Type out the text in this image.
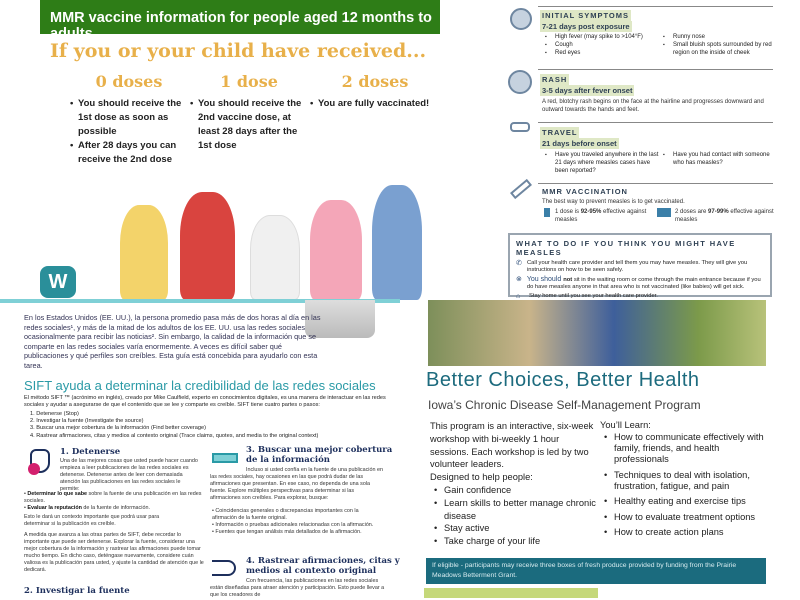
MMR vaccine information for people aged 12 months to adults.
If you or your child have received...
0 doses
• You should receive the 1st dose as soon as possible
• After 28 days you can receive the 2nd dose
1 dose
• You should receive the 2nd vaccine dose, at least 28 days after the 1st dose
2 doses
• You are fully vaccinated!
W
INITIAL SYMPTOMS
7-21 days post exposure
▪ High fever (may spike to >104°F)
▪ Cough
▪ Red eyes
▪ Runny nose
▪ Small bluish spots surrounded by red region on the inside of cheek
RASH
3-5 days after fever onset
A red, blotchy rash begins on the face at the hairline and progresses downward and outward towards the hands and feet.
TRAVEL
21 days before onset
▪ Have you traveled anywhere in the last 21 days where measles cases have been reported?
▪ Have you had contact with someone who has measles?
MMR VACCINATION
The best way to prevent measles is to get vaccinated.
1 dose is 92-95% effective against measles
2 doses are 97-99% effective against measles
WHAT TO DO IF YOU THINK YOU MIGHT HAVE MEASLES
✆ Call your health care provider and tell them you may have measles. They will give you instructions on how to be seen safely.
⊗ You should not sit in the waiting room or come through the main entrance because if you do have measles anyone in that area who is not vaccinated (like babies) will get sick.
⌂	Stay home until you see your health care provider.
En los Estados Unidos (EE. UU.), la persona promedio pasa más de dos horas al día en las redes sociales¹, y más de la mitad de los adultos de los EE. UU. usa las redes sociales ocasionalmente para recibir las noticias². Sin embargo, la calidad de la información que se comparte en las redes sociales varía enormemente. A veces es difícil saber qué publicaciones y qué perfiles son creíbles. Esta guía está concebida para ayudarlo con esta tarea.
SIFT ayuda a determinar la credibilidad de las redes sociales
El método SIFT ™ (acrónimo en inglés), creado por Mike Caulfield, experto en conocimientos digitales, es una manera de interactuar en las redes sociales y ayudar a asegurarse de que el contenido que se lee y comparte es creíble. SIFT tiene cuatro partes o pasos:
1. Detenerse (Stop)
2. Investigar la fuente (Investigate the source)
3. Buscar una mejor cobertura de la información (Find better coverage)
4. Rastrear afirmaciones, citas y medios al contexto original (Trace claims, quotes, and media to the original context)
1. Detenerse
Una de las mejores cosas que usted puede hacer cuando empieza a leer publicaciones de las redes sociales es detenerse. Detenerse antes de leer con demasiada atención las publicaciones en las redes sociales le permite:
• Determinar lo que sabe sobre la fuente de una publicación en las redes sociales.
• Evaluar la reputación de la fuente de información.
Esto le dará un contexto importante que podrá usar para determinar si la publicación es creíble.
A medida que avanza a las otras partes de SIFT, debe recordar lo importante que puede ser detenerse. Explorar la fuente, considerar una mejor cobertura de la información y rastrear las afirmaciones puede tomar mucho tiempo. En dicho caso, deténgase nuevamente, considere cuán valiosa es la publicación para usted, y ajuste la cantidad de atención que le dedicará.
2. Investigar la fuente
3. Buscar una mejor cobertura de la información
Incluso si usted confía en la fuente de una publicación en las redes sociales, hay ocasiones en las que podrá dudar de las afirmaciones que presentan. En ese caso, no dependa de una sola fuente. Explore múltiples perspectivas para determinar si las afirmaciones son creíbles. Para explorar, busque:
• Coincidencias generales o discrepancias importantes con la afirmación de la fuente original.
• Información o pruebas adicionales relacionadas con la afirmación.
• Fuentes que tengan análisis más detallados de la afirmación.
4. Rastrear afirmaciones, citas y medios al contexto original
Con frecuencia, las publicaciones en las redes sociales están diseñadas para atraer atención y participación. Esto puede llevar a que los creadores de
Better Choices, Better Health
Iowa’s Chronic Disease Self-Management Program
This program is an interactive, six-week workshop with bi-weekly 1 hour sessions. Each workshop is led by two volunteer leaders.
Designed to help people:
• Gain confidence
• Learn skills to better manage chronic disease
• Stay active
• Take charge of your life
You’ll Learn:
• How to communicate effectively with family, friends, and health professionals
• Techniques to deal with isolation, frustration, fatigue, and pain
• Healthy eating and exercise tips
• How to evaluate treatment options
• How to create action plans
If eligible - participants may receive three boxes of fresh produce provided by funding from the Prairie Meadows Betterment Grant.
